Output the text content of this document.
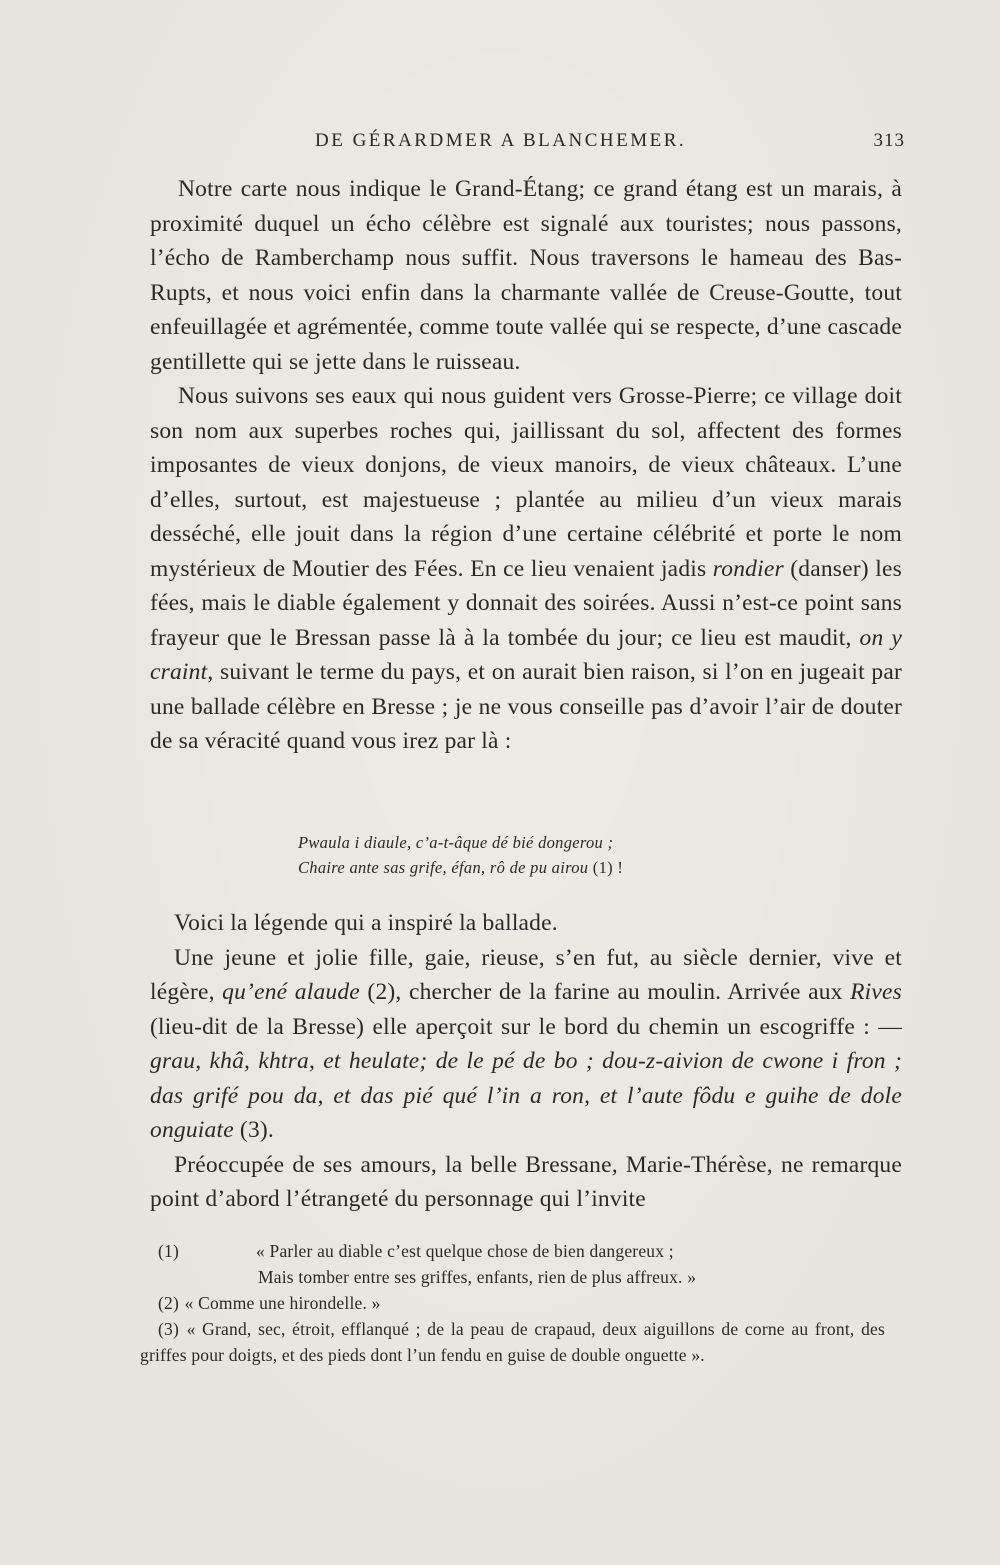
DE GÉRARDMER A BLANCHEMER.	313

Notre carte nous indique le Grand-Étang; ce grand étang est un marais, à proximité duquel un écho célèbre est signalé aux touristes; nous passons, l’écho de Ramberchamp nous suffit. Nous traversons le hameau des Bas-Rupts, et nous voici enfin dans la charmante vallée de Creuse-Goutte, tout enfeuillagée et agrémentée, comme toute vallée qui se respecte, d’une cascade gentillette qui se jette dans le ruisseau.

Nous suivons ses eaux qui nous guident vers Grosse-Pierre; ce village doit son nom aux superbes roches qui, jaillissant du sol, affectent des formes imposantes de vieux donjons, de vieux manoirs, de vieux châteaux. L’une d’elles, surtout, est majestueuse ; plantée au milieu d’un vieux marais desséché, elle jouit dans la région d’une certaine célébrité et porte le nom mystérieux de Moutier des Fées. En ce lieu venaient jadis rondier (danser) les fées, mais le diable également y donnait des soirées. Aussi n’est-ce point sans frayeur que le Bressan passe là à la tombée du jour; ce lieu est maudit, on y craint, suivant le terme du pays, et on aurait bien raison, si l’on en jugeait par une ballade célèbre en Bresse ; je ne vous conseille pas d’avoir l’air de douter de sa véracité quand vous irez par là :

Pwaula i diaule, c’a-t-âque dé bié dongerou ;
Chaire ante sas grife, éfan, rô de pu airou (1) !

Voici la légende qui a inspiré la ballade.

Une jeune et jolie fille, gaie, rieuse, s’en fut, au siècle dernier, vive et légère, qu’ené alaude (2), chercher de la farine au moulin. Arrivée aux Rives (lieu-dit de la Bresse) elle aperçoit sur le bord du chemin un escogriffe : — grau, khâ, khtra, et heulate; de le pé de bo ; dou-z-aivion de cwone i fron ; das grifé pou da, et das pié qué l’in a ron, et l’aute fôdu e guihe de dole onguiate (3).

Préoccupée de ses amours, la belle Bressane, Marie-Thérèse, ne remarque point d’abord l’étrangeté du personnage qui l’invite

(1)	« Parler au diable c’est quelque chose de bien dangereux ;
Mais tomber entre ses griffes, enfants, rien de plus affreux. »
(2) « Comme une hirondelle. »
(3) « Grand, sec, étroit, efflanqué ; de la peau de crapaud, deux aiguillons de corne au front, des griffes pour doigts, et des pieds dont l’un fendu en guise de double onguette ».
